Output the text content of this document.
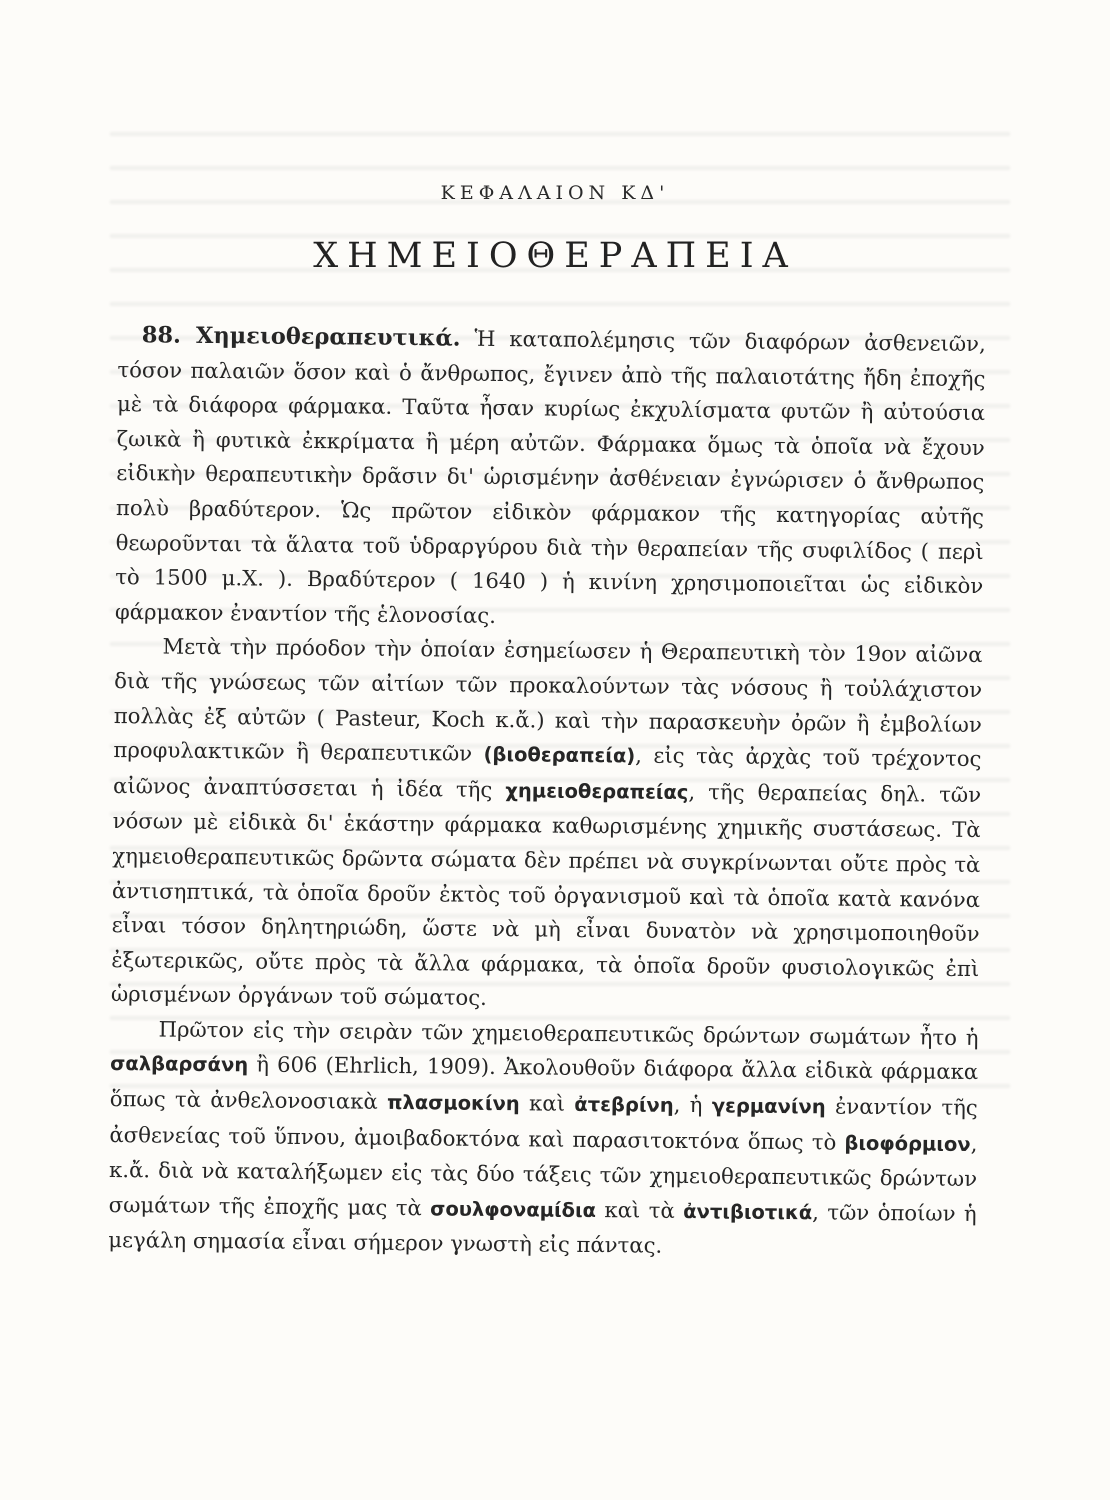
ΚΕΦΑΛΑΙΟΝ ΚΔ'
ΧΗΜΕΙΟΘΕΡΑΠΕΙΑ

88. Χημειοθεραπευτικά. Ἡ καταπολέμησις τῶν διαφόρων ἀσθενειῶν, τόσον παλαιῶν ὅσον καὶ ὁ ἄνθρωπος, ἔγινεν ἀπὸ τῆς παλαιοτάτης ἤδη ἐποχῆς μὲ τὰ διάφορα φάρμακα. Ταῦτα ἦσαν κυρίως ἐκχυλίσματα φυτῶν ἢ αὐτούσια ζωικὰ ἢ φυτικὰ ἐκκρίματα ἢ μέρη αὐτῶν. Φάρμακα ὅμως τὰ ὁποῖα νὰ ἔχουν εἰδικὴν θεραπευτικὴν δρᾶσιν δι' ὡρισμένην ἀσθένειαν ἐγνώρισεν ὁ ἄνθρωπος πολὺ βραδύτερον. Ὡς πρῶτον εἰδικὸν φάρμακον τῆς κατηγορίας αὐτῆς θεωροῦνται τὰ ἅλατα τοῦ ὑδραργύρου διὰ τὴν θεραπείαν τῆς συφιλίδος ( περὶ τὸ 1500 μ.Χ. ). Βραδύτερον ( 1640 ) ἡ κινίνη χρησιμοποιεῖται ὡς εἰδικὸν φάρμακον ἐναντίον τῆς ἑλονοσίας.

Μετὰ τὴν πρόοδον τὴν ὁποίαν ἐσημείωσεν ἡ Θεραπευτικὴ τὸν 19ον αἰῶνα διὰ τῆς γνώσεως τῶν αἰτίων τῶν προκαλούντων τὰς νόσους ἢ τοὐλάχιστον πολλὰς ἐξ αὐτῶν ( Pasteur, Koch κ.ἄ.) καὶ τὴν παρασκευὴν ὀρῶν ἢ ἐμβολίων προφυλακτικῶν ἢ θεραπευτικῶν (βιοθεραπεία), εἰς τὰς ἀρχὰς τοῦ τρέχοντος αἰῶνος ἀναπτύσσεται ἡ ἰδέα τῆς χημειοθεραπείας, τῆς θεραπείας δηλ. τῶν νόσων μὲ εἰδικὰ δι' ἑκάστην φάρμακα καθωρισμένης χημικῆς συστάσεως. Τὰ χημειοθεραπευτικῶς δρῶντα σώματα δὲν πρέπει νὰ συγκρίνωνται οὔτε πρὸς τὰ ἀντισηπτικά, τὰ ὁποῖα δροῦν ἐκτὸς τοῦ ὀργανισμοῦ καὶ τὰ ὁποῖα κατὰ κανόνα εἶναι τόσον δηλητηριώδη, ὥστε νὰ μὴ εἶναι δυνατὸν νὰ χρησιμοποιηθοῦν ἐξωτερικῶς, οὔτε πρὸς τὰ ἄλλα φάρμακα, τὰ ὁποῖα δροῦν φυσιολογικῶς ἐπὶ ὡρισμένων ὀργάνων τοῦ σώματος.

Πρῶτον εἰς τὴν σειρὰν τῶν χημειοθεραπευτικῶς δρώντων σωμάτων ἦτο ἡ σαλβαρσάνη ἢ 606 (Ehrlich, 1909). Ἀκολουθοῦν διάφορα ἄλλα εἰδικὰ φάρμακα ὅπως τὰ ἀνθελονοσιακὰ πλασμοκίνη καὶ ἀτεβρίνη, ἡ γερμανίνη ἐναντίον τῆς ἀσθενείας τοῦ ὕπνου, ἀμοιβαδοκτόνα καὶ παρασιτοκτόνα ὅπως τὸ βιοφόρμιον, κ.ἄ. διὰ νὰ καταλήξωμεν εἰς τὰς δύο τάξεις τῶν χημειοθεραπευτικῶς δρώντων σωμάτων τῆς ἐποχῆς μας τὰ σουλφοναμίδια καὶ τὰ ἀντιβιοτικά, τῶν ὁποίων ἡ μεγάλη σημασία εἶναι σήμερον γνωστὴ εἰς πάντας.
